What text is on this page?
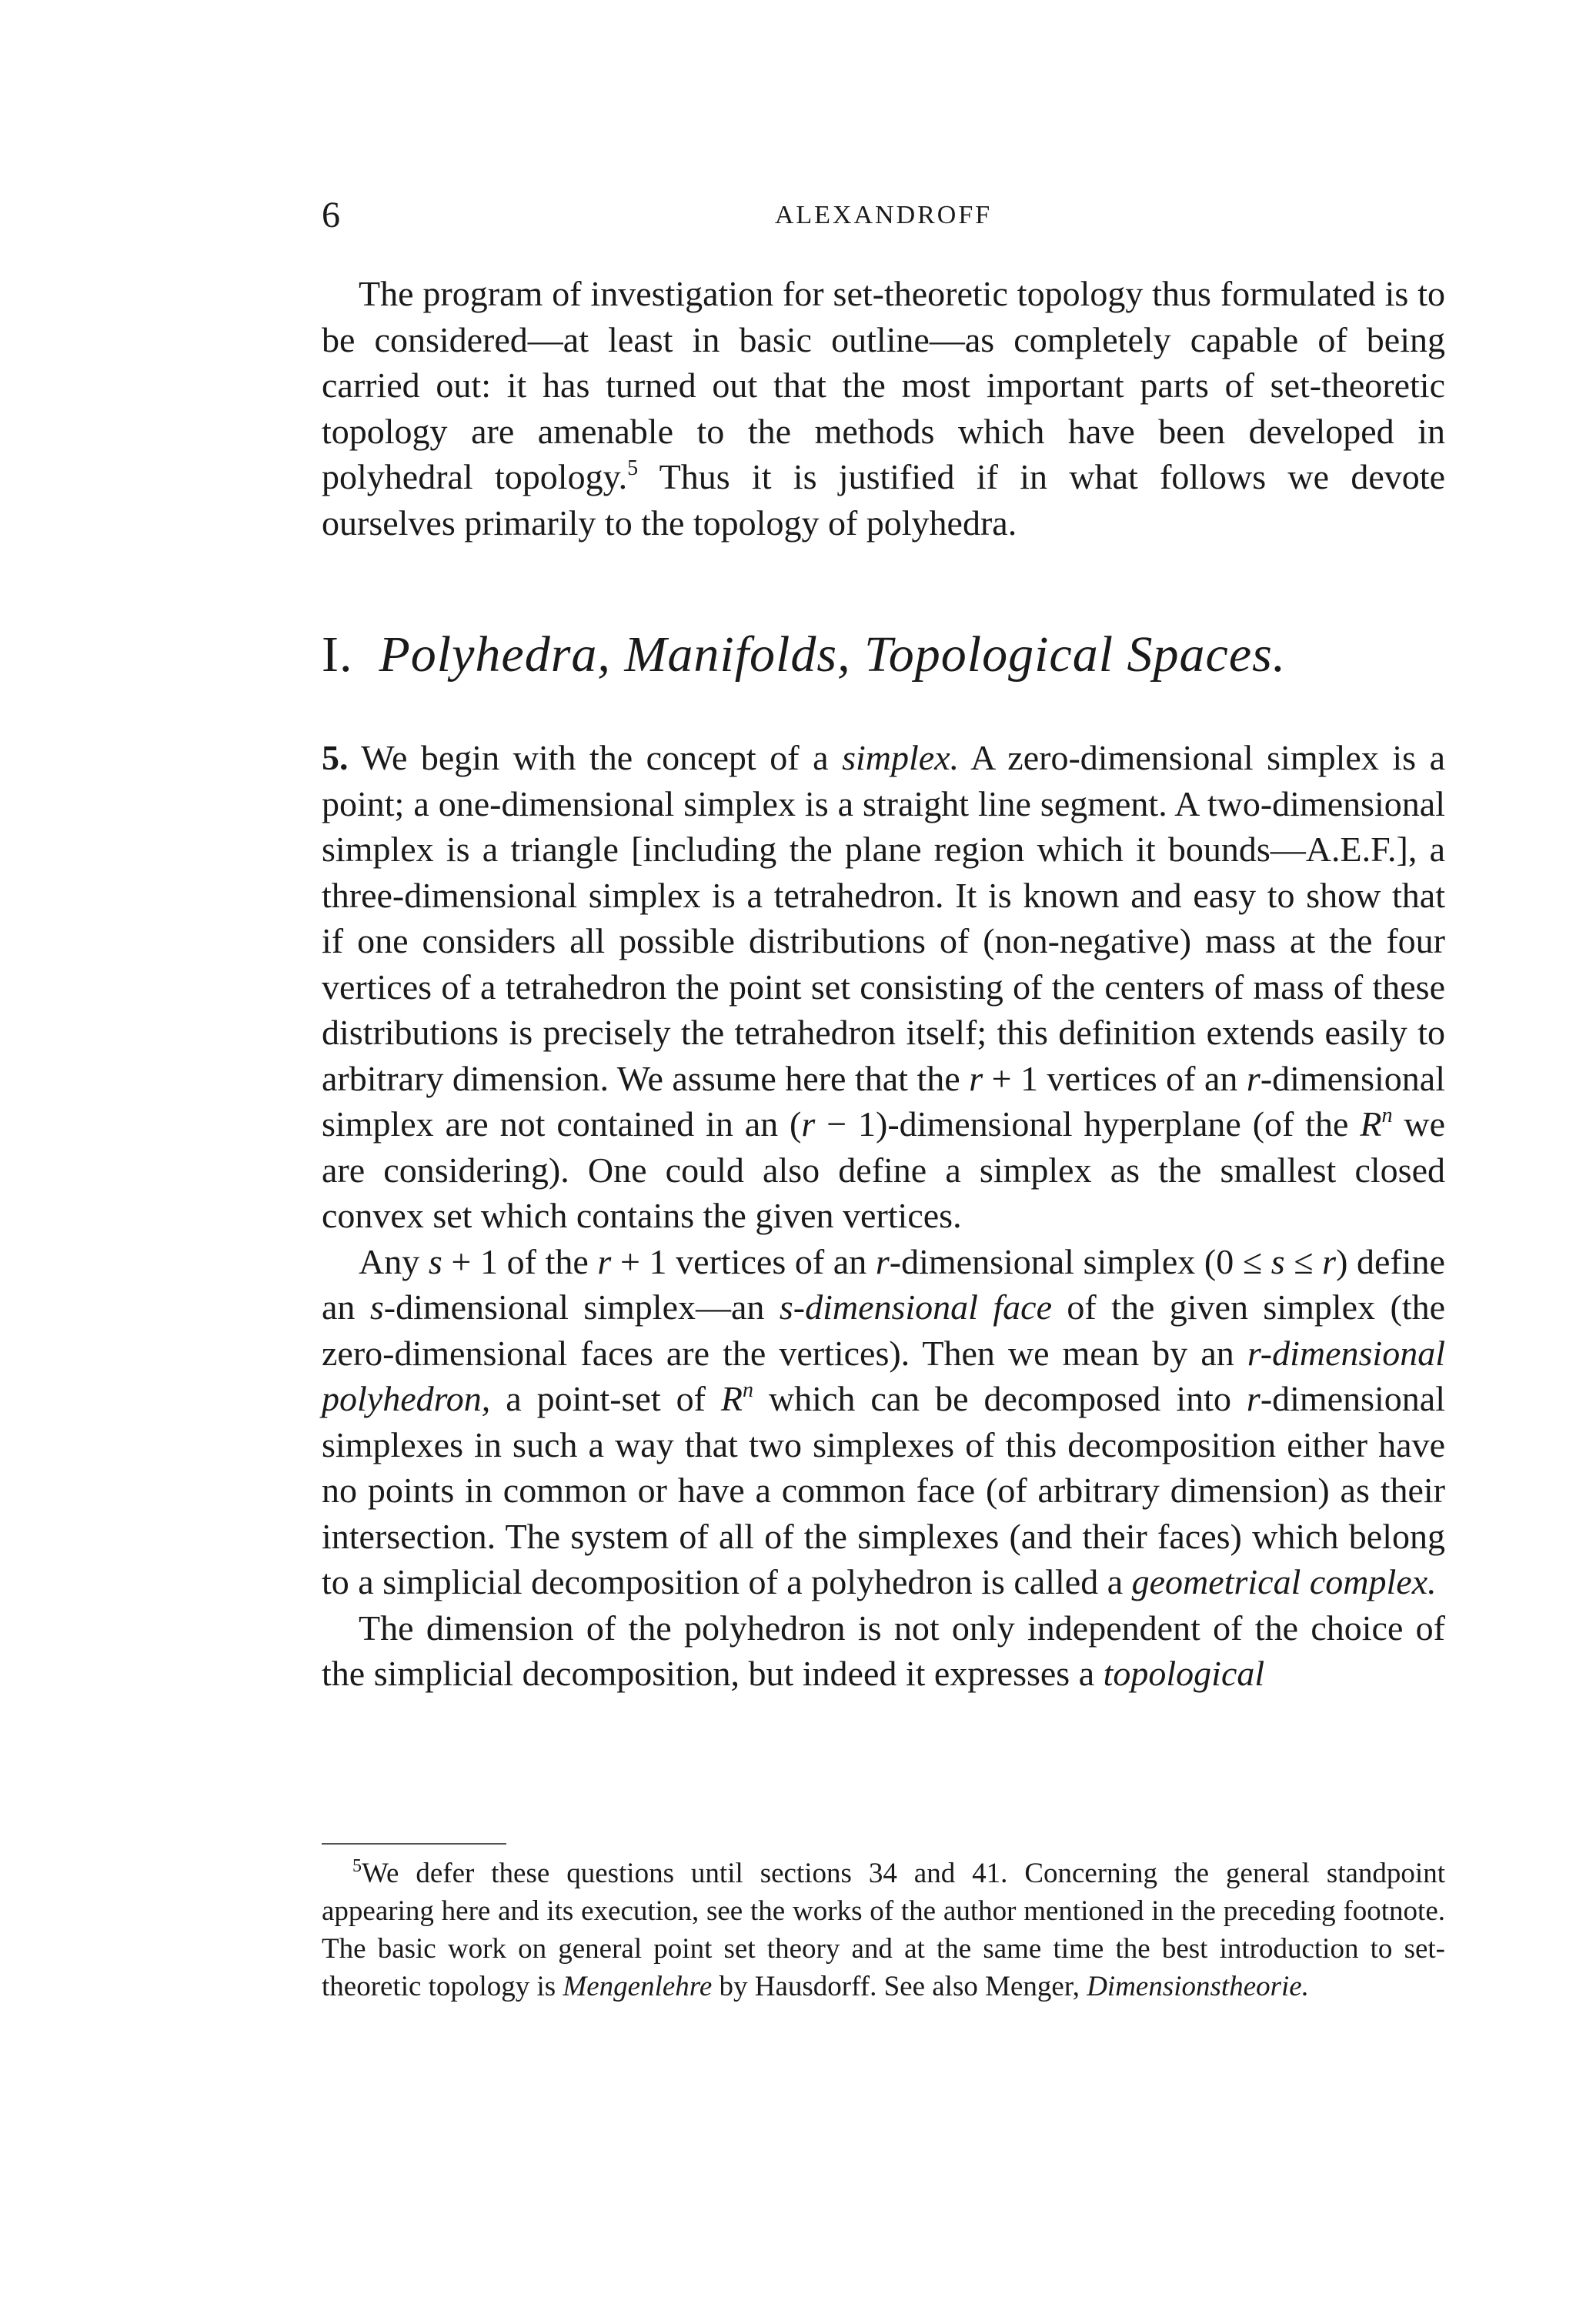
6	ALEXANDROFF

The program of investigation for set-theoretic topology thus formulated is to be considered—at least in basic outline—as completely capable of being carried out: it has turned out that the most important parts of set-theoretic topology are amenable to the methods which have been developed in polyhedral topology.$^5$ Thus it is justified if in what follows we devote ourselves primarily to the topology of polyhedra.

I. Polyhedra, Manifolds, Topological Spaces.

5. We begin with the concept of a simplex. A zero-dimensional simplex is a point; a one-dimensional simplex is a straight line segment. A two-dimensional simplex is a triangle [including the plane region which it bounds—A.E.F.], a three-dimensional simplex is a tetrahedron. It is known and easy to show that if one considers all possible distributions of (non-negative) mass at the four vertices of a tetrahedron the point set consisting of the centers of mass of these distributions is precisely the tetrahedron itself; this definition extends easily to arbitrary dimension. We assume here that the r + 1 vertices of an r-dimensional simplex are not contained in an (r − 1)-dimensional hyperplane (of the $R^n$ we are considering). One could also define a simplex as the smallest closed convex set which contains the given vertices.

Any s + 1 of the r + 1 vertices of an r-dimensional simplex (0 ≤ s ≤ r) define an s-dimensional simplex—an s-dimensional face of the given simplex (the zero-dimensional faces are the vertices). Then we mean by an r-dimensional polyhedron, a point-set of $R^n$ which can be decomposed into r-dimensional simplexes in such a way that two simplexes of this decomposition either have no points in common or have a common face (of arbitrary dimension) as their intersection. The system of all of the simplexes (and their faces) which belong to a simplicial decomposition of a polyhedron is called a geometrical complex.

The dimension of the polyhedron is not only independent of the choice of the simplicial decomposition, but indeed it expresses a topological

$^5$We defer these questions until sections 34 and 41. Concerning the general standpoint appearing here and its execution, see the works of the author mentioned in the preceding footnote. The basic work on general point set theory and at the same time the best introduction to set-theoretic topology is Mengenlehre by Hausdorff. See also Menger, Dimensionstheorie.
